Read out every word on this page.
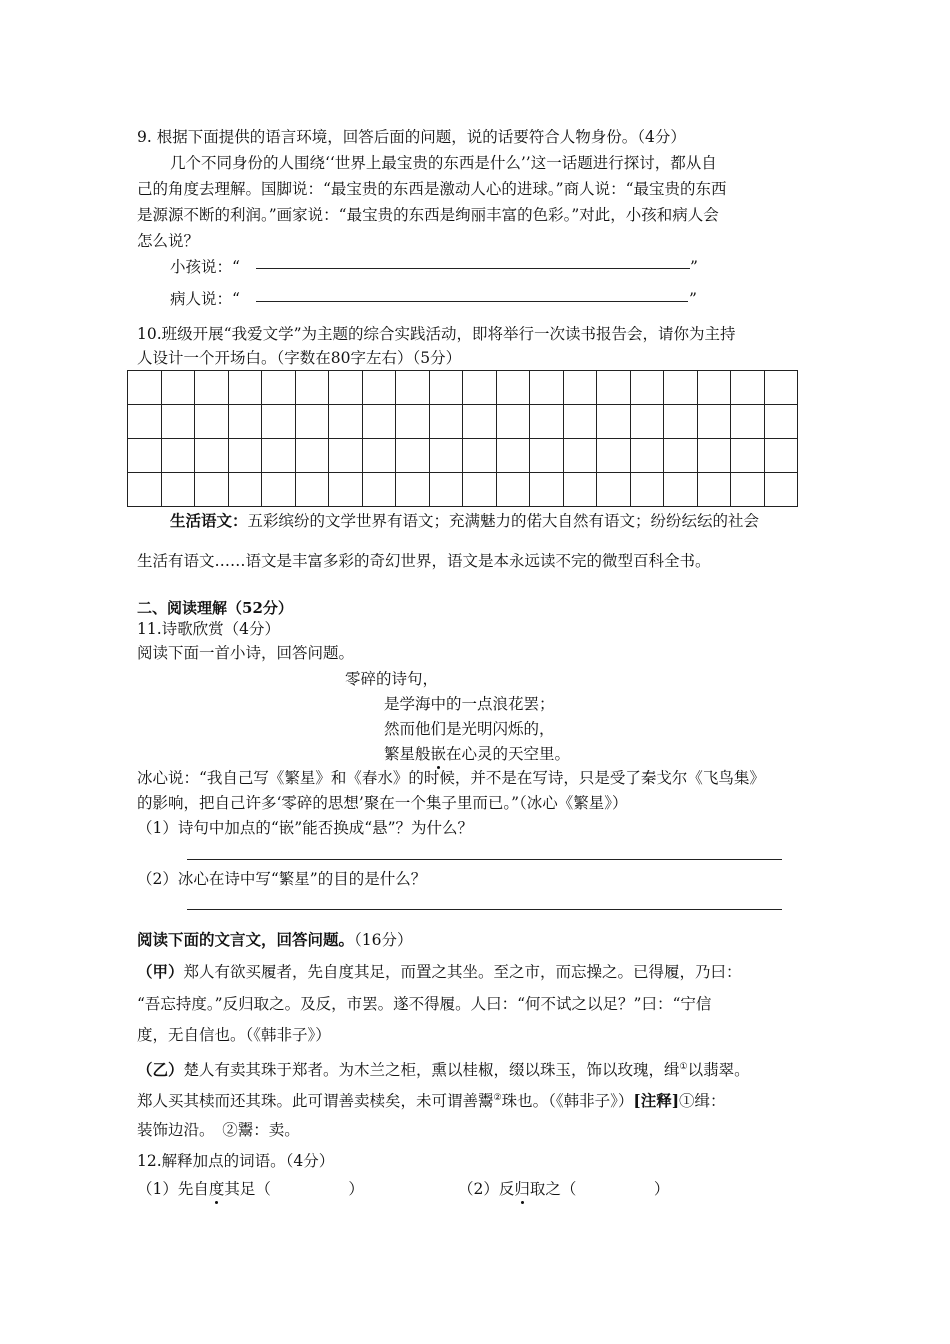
9. 根据下面提供的语言环境，回答后面的问题，说的话要符合人物身份。（4分）
几个不同身份的人围绕‘‘世界上最宝贵的东西是什么’’这一话题进行探讨，都从自
己的角度去理解。国脚说：“最宝贵的东西是激动人心的进球。”商人说：“最宝贵的东西
是源源不断的利润。”画家说：“最宝贵的东西是绚丽丰富的色彩。”对此，小孩和病人会
怎么说？
小孩说：“	”
病人说：“	”
10.班级开展“我爱文学”为主题的综合实践活动，即将举行一次读书报告会，请你为主持
人设计一个开场白。（字数在80字左右）（5分）

生活语文：五彩缤纷的文学世界有语文；充满魅力的偌大自然有语文；纷纷纭纭的社会
生活有语文……语文是丰富多彩的奇幻世界，语文是本永远读不完的微型百科全书。
二、阅读理解（52分）
11.诗歌欣赏（4分）
阅读下面一首小诗，回答问题。
零碎的诗句，
是学海中的一点浪花罢；
然而他们是光明闪烁的，
繁星般嵌在心灵的天空里。
冰心说：“我自己写《繁星》和《春水》的时候，并不是在写诗，只是受了秦戈尔《飞鸟集》
的影响，把自己许多‘零碎的思想’聚在一个集子里而已。”（冰心《繁星》）
（1）诗句中加点的“嵌”能否换成“悬”？为什么？
（2）冰心在诗中写“繁星”的目的是什么？
阅读下面的文言文，回答问题。（16分）
（甲）郑人有欲买履者，先自度其足，而置之其坐。至之市，而忘操之。已得履，乃曰：
“吾忘持度。”反归取之。及反，市罢。遂不得履。人曰：“何不试之以足？”曰：“宁信
度，无自信也。（《韩非子》）
（乙）楚人有卖其珠于郑者。为木兰之柜，熏以桂椒，缀以珠玉，饰以玫瑰，缉①以翡翠。
郑人买其椟而还其珠。此可谓善卖椟矣，未可谓善鬻②珠也。（《韩非子》）[注释]①缉：
装饰边沿。　②鬻：卖。
12.解释加点的词语。（4分）
（1）先自度其足（　　　　　）	（2）反归取之（　　　　　）
